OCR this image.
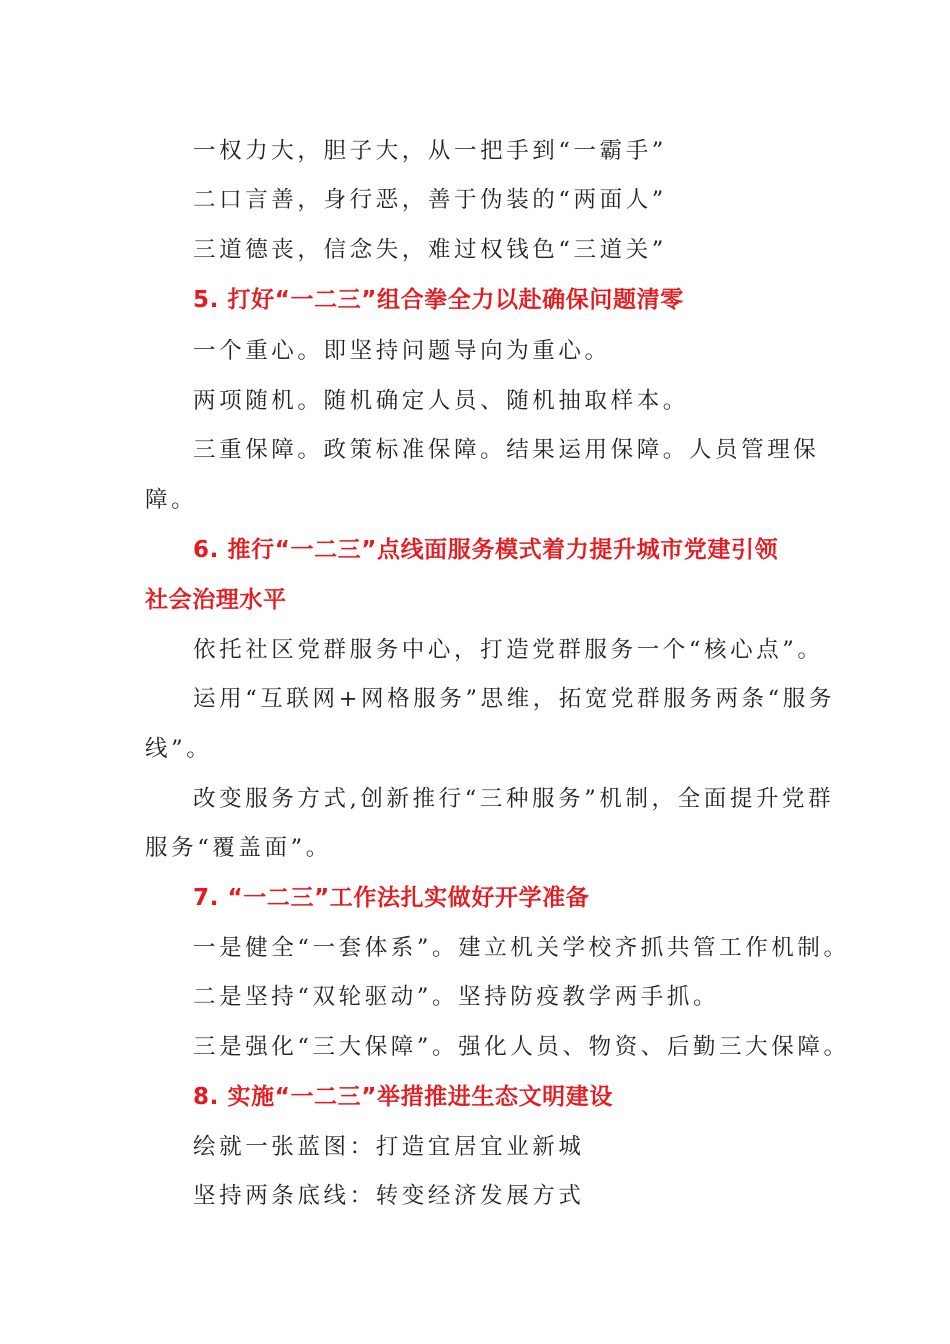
一权力大，胆子大，从一把手到“一霸手”
二口言善，身行恶，善于伪装的“两面人”
三道德丧，信念失，难过权钱色“三道关”
5. 打好“一二三”组合拳全力以赴确保问题清零
一个重心。即坚持问题导向为重心。
两项随机。随机确定人员、随机抽取样本。
三重保障。政策标准保障。结果运用保障。人员管理保
障。
6. 推行“一二三”点线面服务模式着力提升城市党建引领
社会治理水平
依托社区党群服务中心，打造党群服务一个“核心点”。
运用“互联网+网格服务”思维，拓宽党群服务两条“服务
线”。
改变服务方式,创新推行“三种服务”机制，全面提升党群
服务“覆盖面”。
7. “一二三”工作法扎实做好开学准备
一是健全“一套体系”。建立机关学校齐抓共管工作机制。
二是坚持“双轮驱动”。坚持防疫教学两手抓。
三是强化“三大保障”。强化人员、物资、后勤三大保障。
8. 实施“一二三”举措推进生态文明建设
绘就一张蓝图：打造宜居宜业新城
坚持两条底线：转变经济发展方式
